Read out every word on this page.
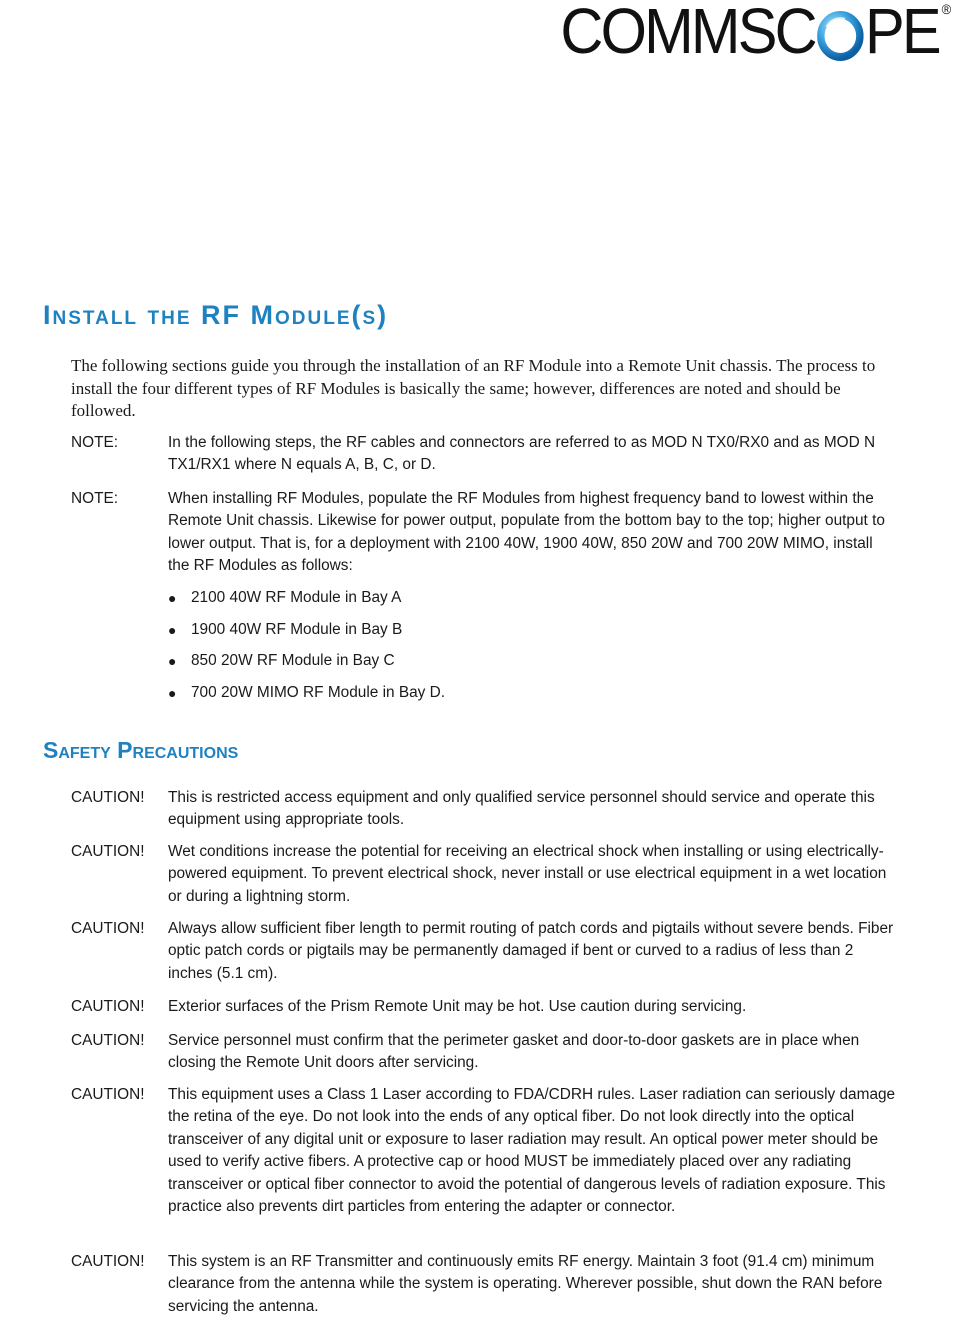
COMMSC PE ®
Install the RF Module(s)

The following sections guide you through the installation of an RF Module into a Remote Unit chassis. The process to install the four different types of RF Modules is basically the same; however, differences are noted and should be followed.

NOTE:	In the following steps, the RF cables and connectors are referred to as MOD N TX0/RX0 and as MOD N TX1/RX1 where N equals A, B, C, or D.
NOTE:	When installing RF Modules, populate the RF Modules from highest frequency band to lowest within the Remote Unit chassis. Likewise for power output, populate from the bottom bay to the top; higher output to lower output. That is, for a deployment with 2100 40W, 1900 40W, 850 20W and 700 20W MIMO, install the RF Modules as follows:
● 2100 40W RF Module in Bay A
● 1900 40W RF Module in Bay B
● 850 20W RF Module in Bay C
● 700 20W MIMO RF Module in Bay D.
Safety Precautions
CAUTION!	This is restricted access equipment and only qualified service personnel should service and operate this equipment using appropriate tools.
CAUTION!	Wet conditions increase the potential for receiving an electrical shock when installing or using electrically-powered equipment. To prevent electrical shock, never install or use electrical equipment in a wet location or during a lightning storm.
CAUTION!	Always allow sufficient fiber length to permit routing of patch cords and pigtails without severe bends. Fiber optic patch cords or pigtails may be permanently damaged if bent or curved to a radius of less than 2 inches (5.1 cm).
CAUTION!	Exterior surfaces of the Prism Remote Unit may be hot. Use caution during servicing.
CAUTION!	Service personnel must confirm that the perimeter gasket and door-to-door gaskets are in place when closing the Remote Unit doors after servicing.
CAUTION!	This equipment uses a Class 1 Laser according to FDA/CDRH rules. Laser radiation can seriously damage the retina of the eye. Do not look into the ends of any optical fiber. Do not look directly into the optical transceiver of any digital unit or exposure to laser radiation may result. An optical power meter should be used to verify active fibers. A protective cap or hood MUST be immediately placed over any radiating transceiver or optical fiber connector to avoid the potential of dangerous levels of radiation exposure. This practice also prevents dirt particles from entering the adapter or connector.
CAUTION!	This system is an RF Transmitter and continuously emits RF energy. Maintain 3 foot (91.4 cm) minimum clearance from the antenna while the system is operating. Wherever possible, shut down the RAN before servicing the antenna.
